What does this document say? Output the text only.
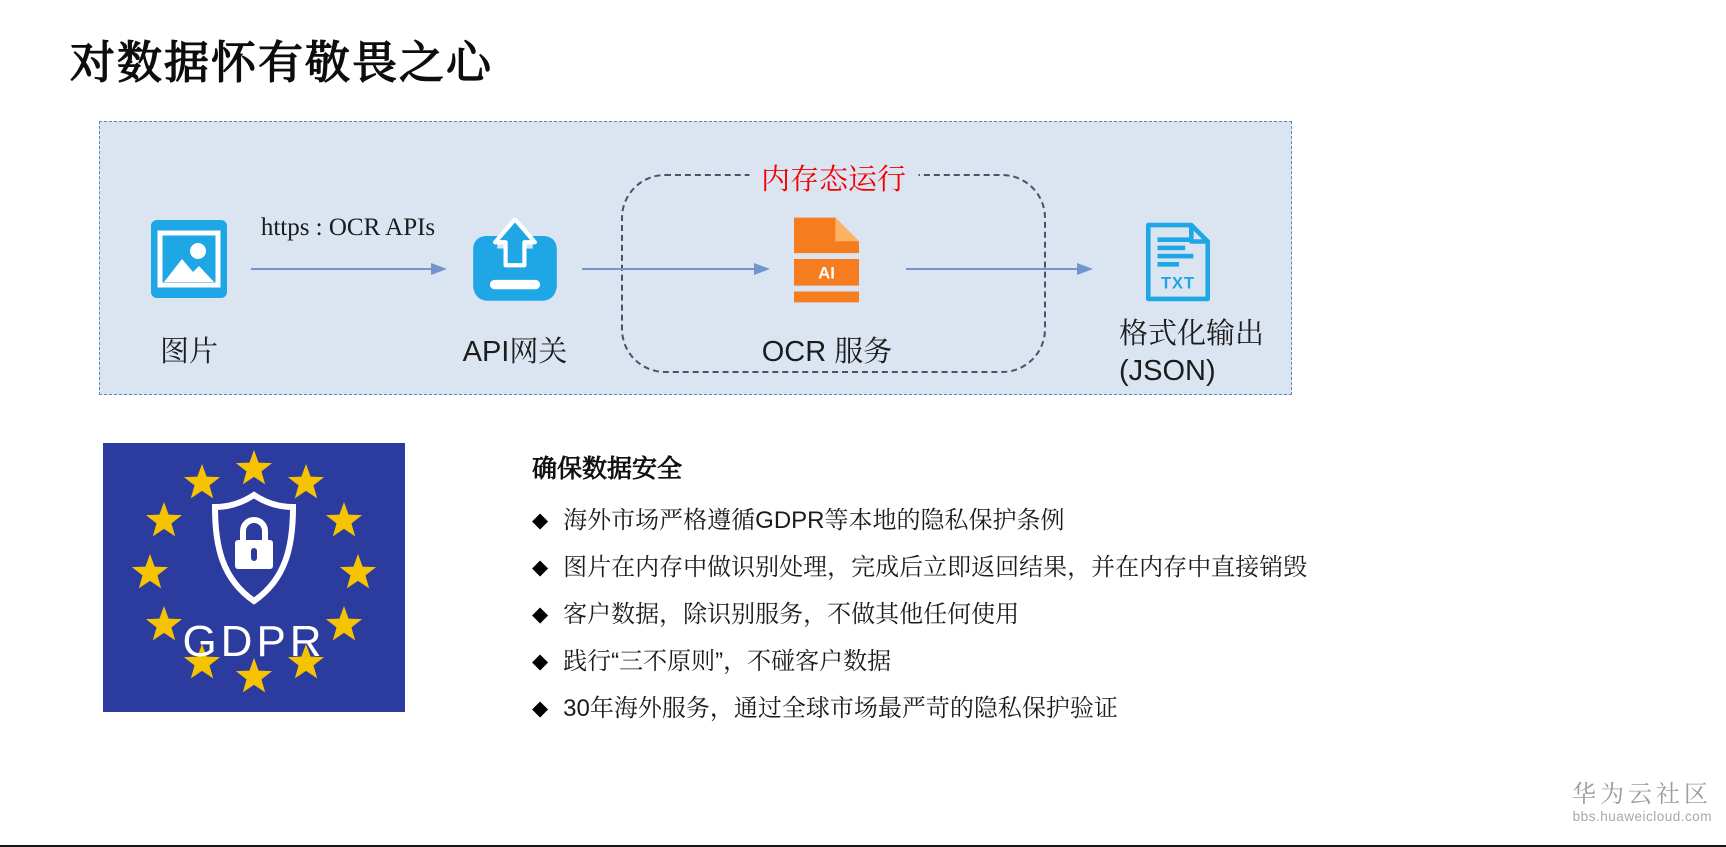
对数据怀有敬畏之心
https : OCR APIs
内存态运行
AI
TXT
图片	API网关	OCR 服务
格式化输出
(JSON)
GDPR
确保数据安全
◆ 海外市场严格遵循GDPR等本地的隐私保护条例
◆ 图片在内存中做识别处理，完成后立即返回结果，并在内存中直接销毁
◆ 客户数据，除识别服务，不做其他任何使用
◆ 践行“三不原则”，不碰客户数据
◆ 30年海外服务，通过全球市场最严苛的隐私保护验证
华为云社区
bbs.huaweicloud.com
